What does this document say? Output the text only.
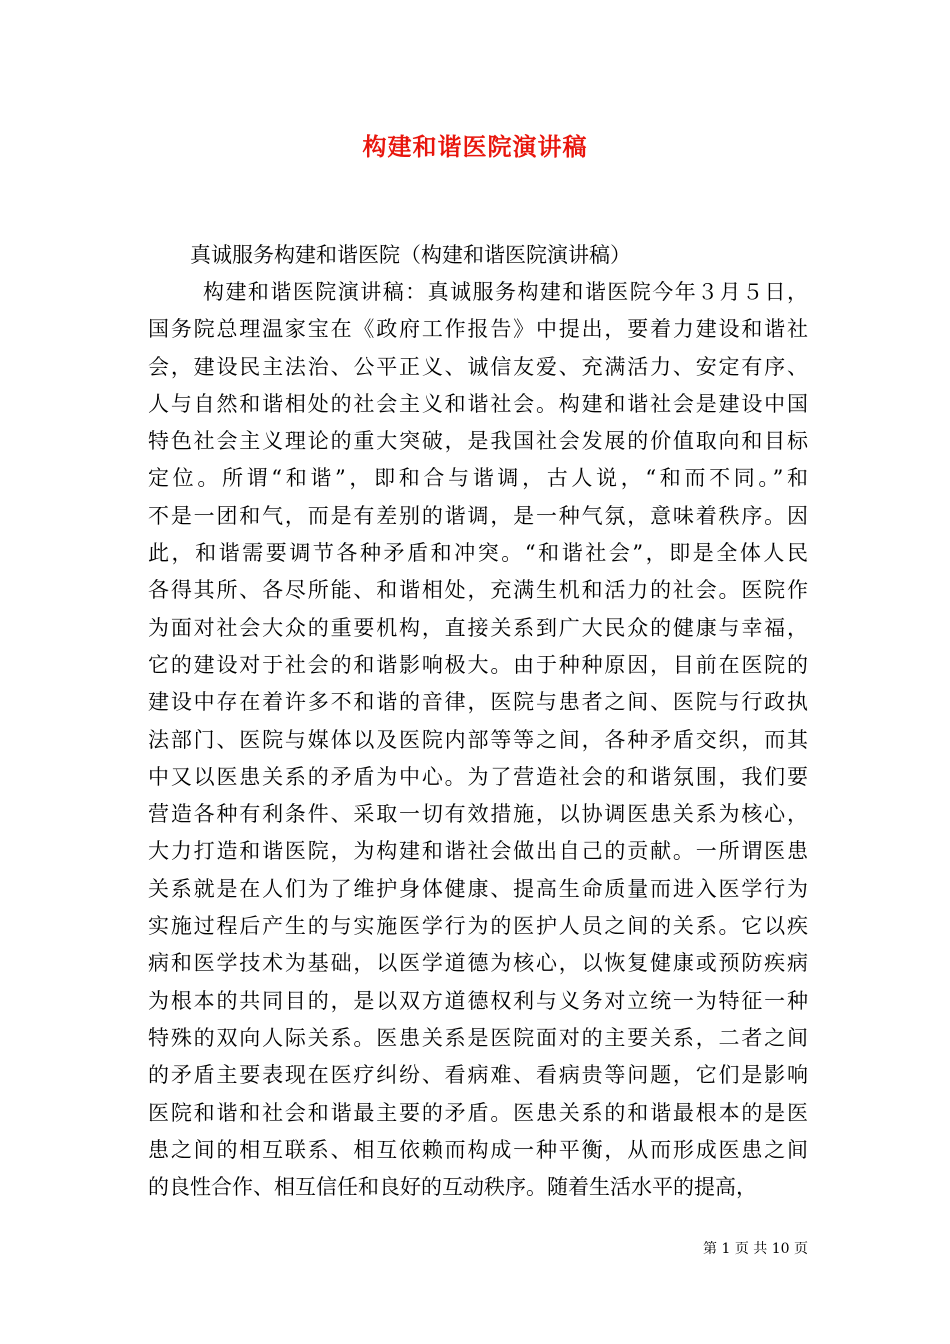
构建和谐医院演讲稿
真诚服务构建和谐医院（构建和谐医院演讲稿）
构建和谐医院演讲稿：真诚服务构建和谐医院今年３月５日，
国务院总理温家宝在《政府工作报告》中提出，要着力建设和谐社
会，建设民主法治、公平正义、诚信友爱、充满活力、安定有序、
人与自然和谐相处的社会主义和谐社会。构建和谐社会是建设中国
特色社会主义理论的重大突破，是我国社会发展的价值取向和目标
定位。所谓“和谐”，即和合与谐调，古人说，“和而不同。”和
不是一团和气，而是有差别的谐调，是一种气氛，意味着秩序。因
此，和谐需要调节各种矛盾和冲突。“和谐社会”，即是全体人民
各得其所、各尽所能、和谐相处，充满生机和活力的社会。医院作
为面对社会大众的重要机构，直接关系到广大民众的健康与幸福，
它的建设对于社会的和谐影响极大。由于种种原因，目前在医院的
建设中存在着许多不和谐的音律，医院与患者之间、医院与行政执
法部门、医院与媒体以及医院内部等等之间，各种矛盾交织，而其
中又以医患关系的矛盾为中心。为了营造社会的和谐氛围，我们要
营造各种有利条件、采取一切有效措施，以协调医患关系为核心，
大力打造和谐医院，为构建和谐社会做出自己的贡献。一所谓医患
关系就是在人们为了维护身体健康、提高生命质量而进入医学行为
实施过程后产生的与实施医学行为的医护人员之间的关系。它以疾
病和医学技术为基础，以医学道德为核心，以恢复健康或预防疾病
为根本的共同目的，是以双方道德权利与义务对立统一为特征一种
特殊的双向人际关系。医患关系是医院面对的主要关系，二者之间
的矛盾主要表现在医疗纠纷、看病难、看病贵等问题，它们是影响
医院和谐和社会和谐最主要的矛盾。医患关系的和谐最根本的是医
患之间的相互联系、相互依赖而构成一种平衡，从而形成医患之间
的良性合作、相互信任和良好的互动秩序。随着生活水平的提高，
第 1 页 共 10 页
